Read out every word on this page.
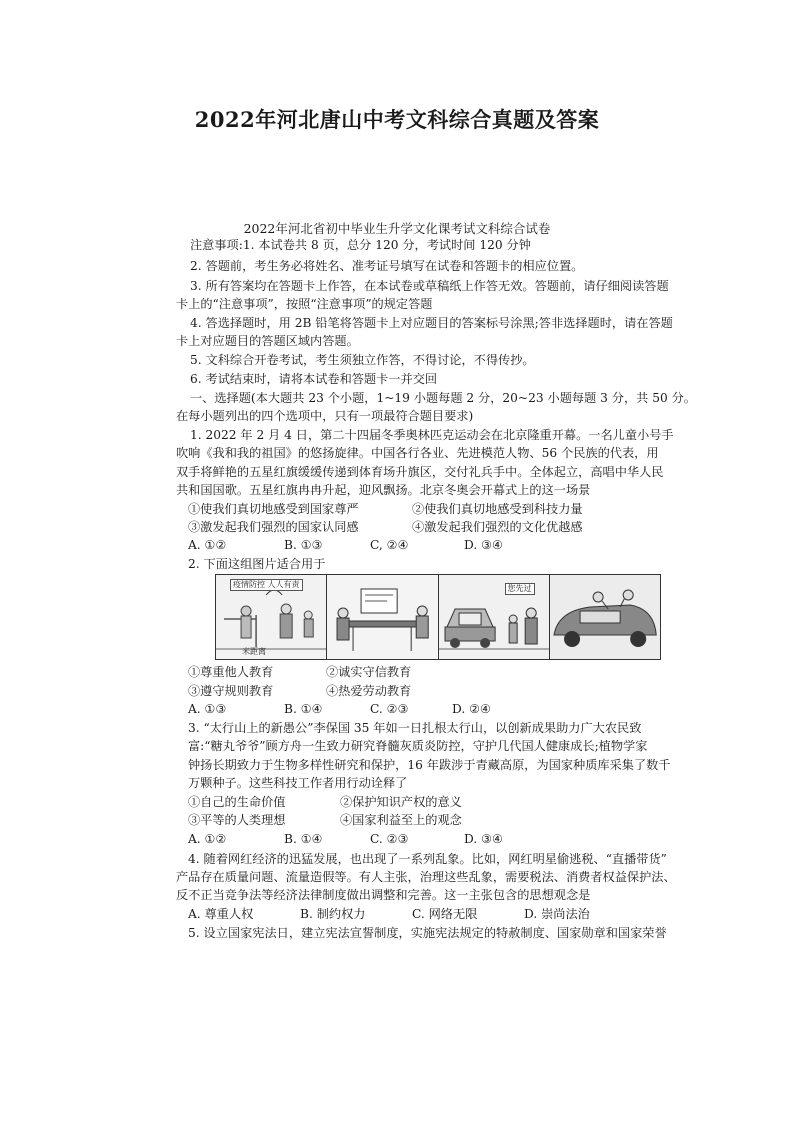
2022年河北唐山中考文科综合真题及答案
2022年河北省初中毕业生升学文化课考试文科综合试卷
注意事项:1. 本试卷共 8 页，总分 120 分，考试时间 120 分钟
2. 答题前，考生务必将姓名、准考证号填写在试卷和答题卡的相应位置。
3. 所有答案均在答题卡上作答，在本试卷或草稿纸上作答无效。答题前，请仔细阅读答题
卡上的“注意事项”，按照“注意事项”的规定答题
4. 答选择题时，用 2B 铅笔将答题卡上对应题目的答案标号涂黑;答非选择题时，请在答题
卡上对应题目的答题区域内答题。
5. 文科综合开卷考试，考生须独立作答，不得讨论，不得传抄。
6. 考试结束时，请将本试卷和答题卡一并交回
一、选择题(本大题共 23 个小题，1~19 小题每题 2 分，20~23 小题每题 3 分，共 50 分。
在每小题列出的四个选项中，只有一项最符合题目要求)
1. 2022 年 2 月 4 日，第二十四届冬季奥林匹克运动会在北京隆重开幕。一名儿童小号手
吹响《我和我的祖国》的悠扬旋律。中国各行各业、先进模范人物、56 个民族的代表，用
双手将鲜艳的五星红旗缓缓传递到体育场升旗区，交付礼兵手中。全体起立，高唱中华人民
共和国国歌。五星红旗冉冉升起，迎风飘扬。北京冬奥会开幕式上的这一场景
①使我们真切地感受到国家尊严	②使我们真切地感受到科技力量
③激发起我们强烈的国家认同感	④激发起我们强烈的文化优越感
A. ①②	B. ①③	C, ②④	D. ③④
2. 下面这组图片适合用于
①尊重他人教育	②诚实守信教育
③遵守规则教育	④热爱劳动教育
A. ①③	B. ①④	C. ②③	D. ②④
3. “太行山上的新愚公”李保国 35 年如一日扎根太行山，以创新成果助力广大农民致
富:“糖丸爷爷”顾方舟一生致力研究脊髓灰质炎防控，守护几代国人健康成长;植物学家
钟扬长期致力于生物多样性研究和保护，16 年跋涉于青藏高原，为国家种质库采集了数千
万颗种子。这些科技工作者用行动诠释了
①自己的生命价值	②保护知识产权的意义
③平等的人类理想	④国家利益至上的观念
A. ①②	B. ①④	C. ②③	D. ③④
4. 随着网红经济的迅猛发展，也出现了一系列乱象。比如，网红明星偷逃税、“直播带货”
产品存在质量问题、流量造假等。有人主张，治理这些乱象，需要税法、消费者权益保护法、
反不正当竞争法等经济法律制度做出调整和完善。这一主张包含的思想观念是
A. 尊重人权	B. 制约权力	C. 网络无限	D. 崇尚法治
5. 设立国家宪法日，建立宪法宣誓制度，实施宪法规定的特赦制度、国家勋章和国家荣誉
疫情防控 人人有责
米距离
您先过
